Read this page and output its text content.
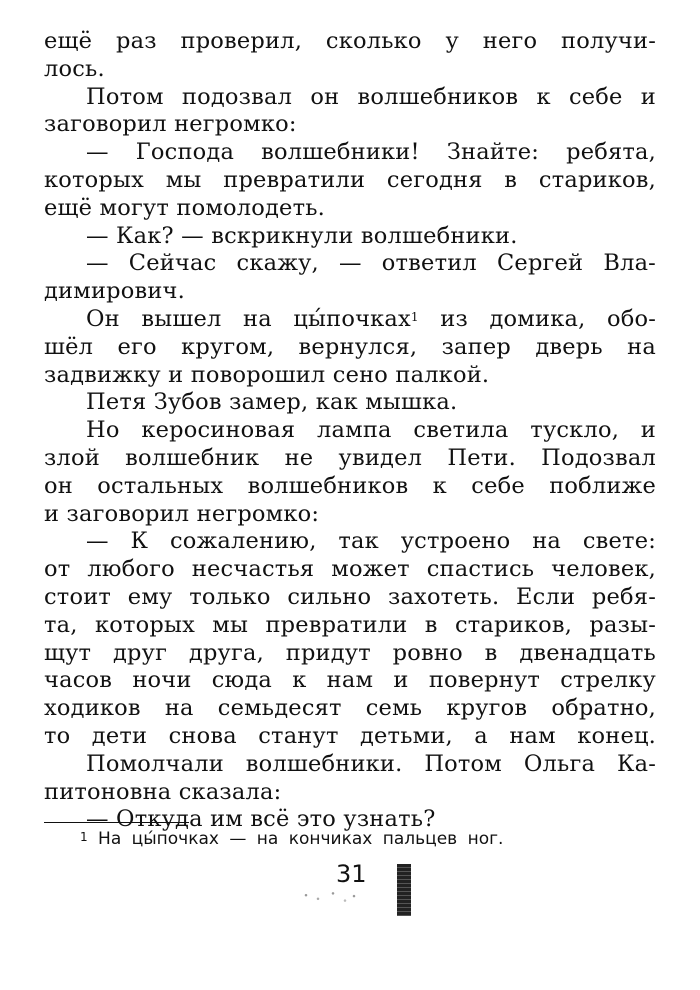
ещё раз проверил, сколько у него получи-
лось.
Потом подозвал он волшебников к себе и
заговорил негромко:
— Господа волшебники! Знайте: ребята,
которых мы превратили сегодня в стариков,
ещё могут помолодеть.
— Как? — вскрикнули волшебники.
— Сейчас скажу, — ответил Сергей Вла-
димирович.
Он вышел на цы́почках$^1$ из домика, обо-
шёл его кругом, вернулся, запер дверь на
задвижку и поворошил сено палкой.
Петя Зубов замер, как мышка.
Но керосиновая лампа светила тускло, и
злой волшебник не увидел Пети. Подозвал
он остальных волшебников к себе поближе
и заговорил негромко:
— К сожалению, так устроено на свете:
от любого несчастья может спастись человек,
стоит ему только сильно захотеть. Если ребя-
та, которых мы превратили в стариков, разы-
щут друг друга, придут ровно в двенадцать
часов ночи сюда к нам и повернут стрелку
ходиков на семьдесят семь кругов обратно,
то дети снова станут детьми, а нам конец.
Помолчали волшебники. Потом Ольга Ка-
питоновна сказала:
— Откуда им всё это узнать?
$^1$ На цы́почках — на кончиках пальцев ног.
31
